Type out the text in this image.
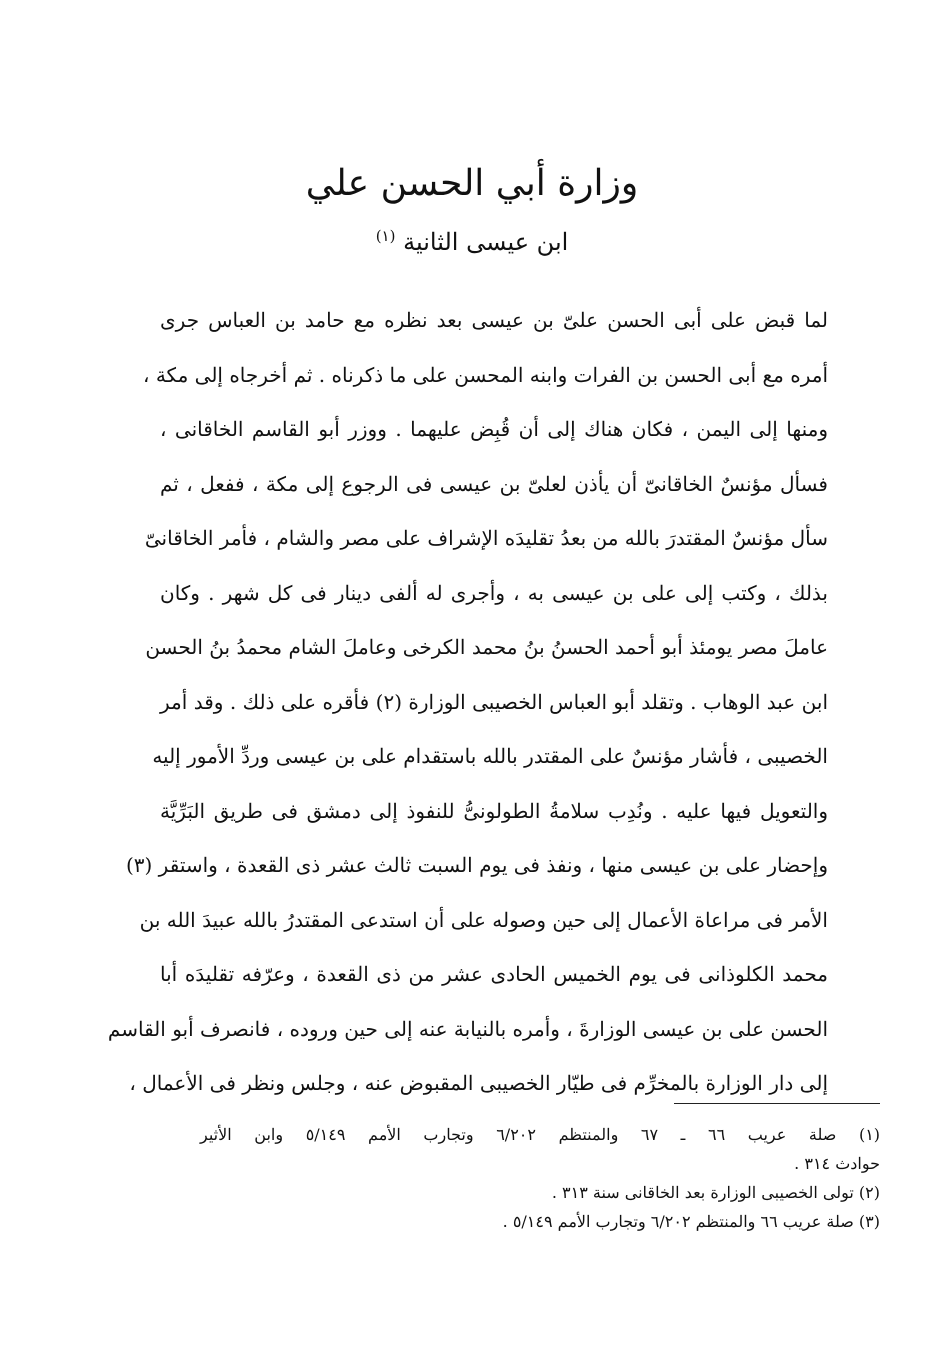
وزارة أبي الحسن علي
ابن عيسى الثانية $^{(١)}$
لما قبض على أبى الحسن علىّ بن عيسى بعد نظره مع حامد بن العباس جرى
أمره مع أبى الحسن بن الفرات وابنه المحسن على ما ذكرناه . ثم أخرجاه إلى مكة ،
ومنها إلى اليمن ، فكان هناك إلى أن قُبِض عليهما . ووزر أبو القاسم الخاقانى ،
فسأل مؤنسٌ الخاقانىّ أن يأذن لعلىّ بن عيسى فى الرجوع إلى مكة ، ففعل ، ثم
سأل مؤنسٌ المقتدرَ بالله من بعدُ تقليدَه الإشراف على مصر والشام ، فأمر الخاقانىّ
بذلك ، وكتب إلى على بن عيسى به ، وأجرى له ألفى دينار فى كل شهر . وكان
عاملَ مصر يومئذ أبو أحمد الحسنُ بنُ محمد الكرخى وعاملَ الشام محمدُ بنُ الحسن
ابن عبد الوهاب . وتقلد أبو العباس الخصيبى الوزارة (٢) فأقره على ذلك . وقد أمر
الخصيبى ، فأشار مؤنسٌ على المقتدر بالله باستقدام على بن عيسى وردِّ الأمور إليه
والتعويل فيها عليه . ونُدِب سلامةُ الطولونىُّ للنفوذ إلى دمشق فى طريق البَرِّيَّة
وإحضار على بن عيسى منها ، ونفذ فى يوم السبت ثالث عشر ذى القعدة ، واستقر (٣)
الأمر فى مراعاة الأعمال إلى حين وصوله على أن استدعى المقتدرُ بالله عبيدَ الله بن
محمد الكلوذانى فى يوم الخميس الحادى عشر من ذى القعدة ، وعرّفه تقليدَه أبا
الحسن على بن عيسى الوزارةَ ، وأمره بالنيابة عنه إلى حين وروده ، فانصرف أبو القاسم
إلى دار الوزارة بالمخرِّم فى طيّار الخصيبى المقبوض عنه ، وجلس ونظر فى الأعمال ،
(١) صلة عريب ٦٦ ـ ٦٧ والمنتظم ٦/٢٠٢ وتجارب الأمم ٥/١٤٩ وابن الأثير
حوادث ٣١٤ .
(٢) تولى الخصيبى الوزارة بعد الخاقانى سنة ٣١٣ .
(٣) صلة عريب ٦٦ والمنتظم ٦/٢٠٢ وتجارب الأمم ٥/١٤٩ .
